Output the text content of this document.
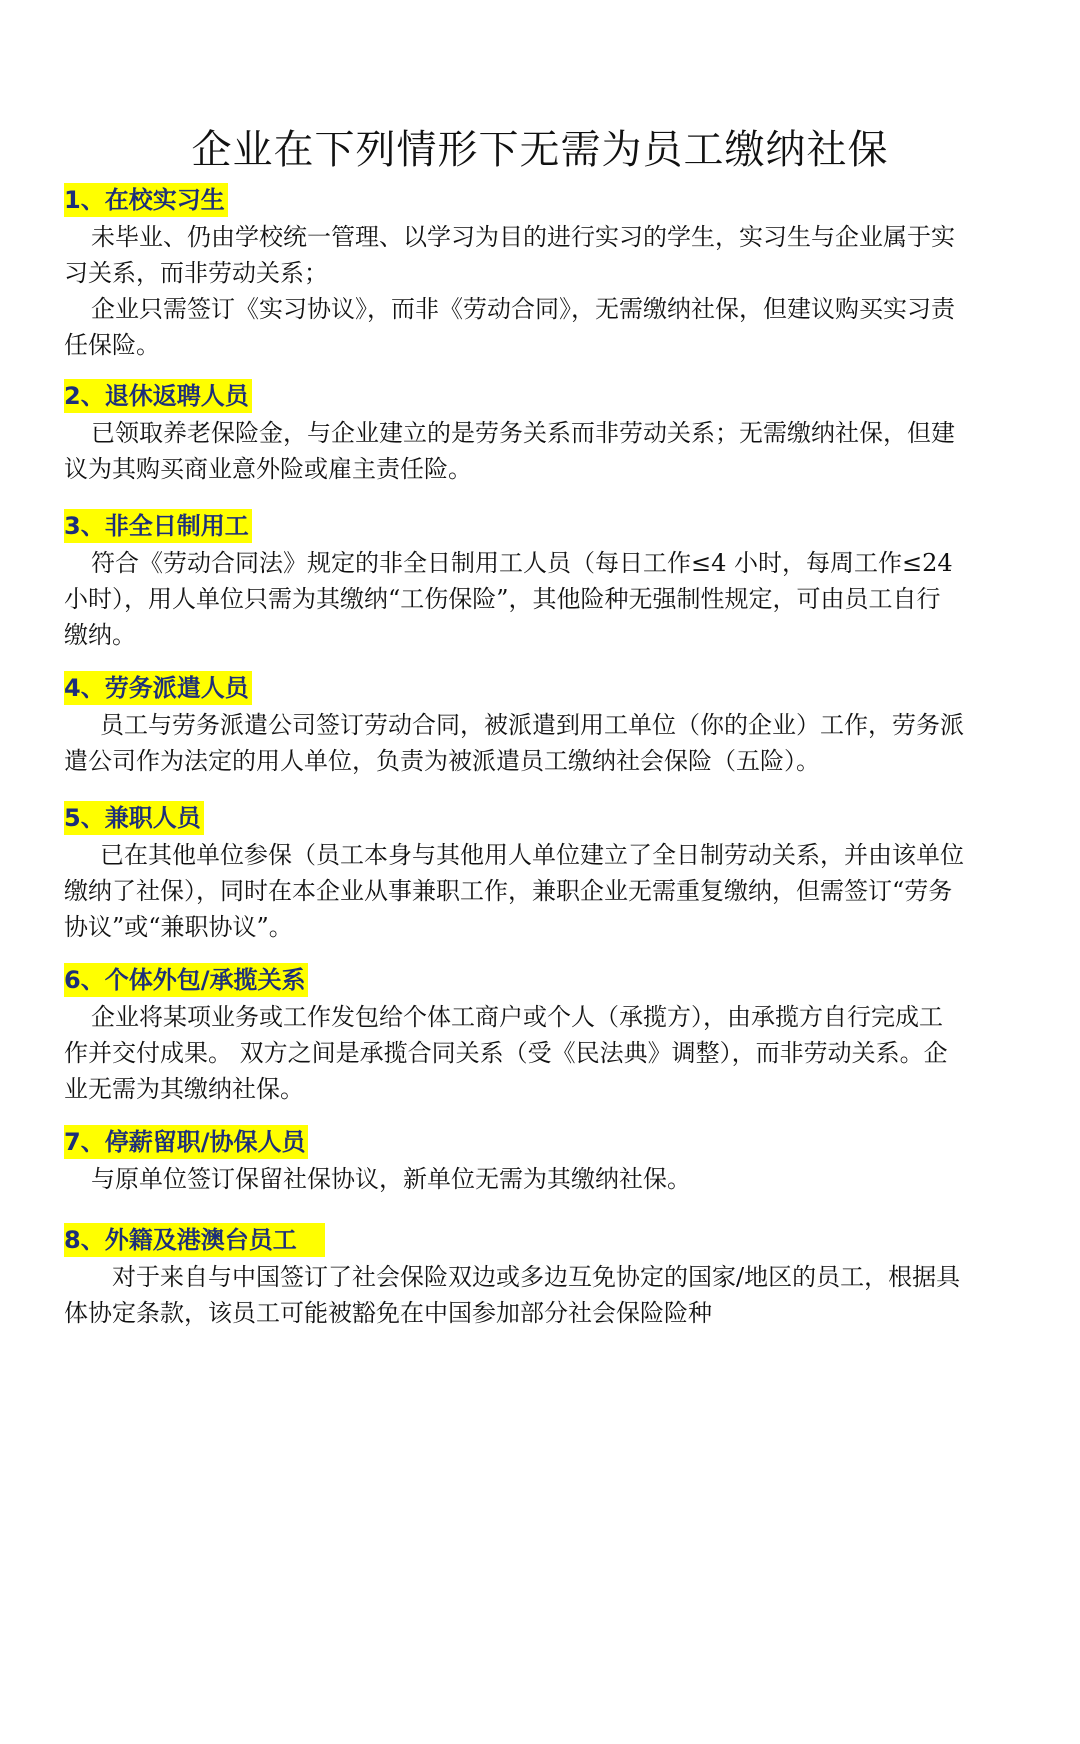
企业在下列情形下无需为员工缴纳社保
1、在校实习生

未毕业、仍由学校统一管理、以学习为目的进行实习的学生，实习生与企业属于实习关系，而非劳动关系；

企业只需签订《实习协议》，而非《劳动合同》，无需缴纳社保，但建议购买实习责任保险。

2、退休返聘人员

已领取养老保险金，与企业建立的是劳务关系而非劳动关系；无需缴纳社保，但建议为其购买商业意外险或雇主责任险。

3、非全日制用工

符合《劳动合同法》规定的非全日制用工人员（每日工作≤4 小时，每周工作≤24 小时），用人单位只需为其缴纳“工伤保险”，其他险种无强制性规定，可由员工自行缴纳。

4、劳务派遣人员

员工与劳务派遣公司签订劳动合同，被派遣到用工单位（你的企业）工作，劳务派遣公司作为法定的用人单位，负责为被派遣员工缴纳社会保险（五险）。

5、兼职人员

已在其他单位参保（员工本身与其他用人单位建立了全日制劳动关系，并由该单位缴纳了社保），同时在本企业从事兼职工作，兼职企业无需重复缴纳，但需签订“劳务协议”或“兼职协议”。

6、个体外包/承揽关系

企业将某项业务或工作发包给个体工商户或个人（承揽方），由承揽方自行完成工作并交付成果。 双方之间是承揽合同关系（受《民法典》调整），而非劳动关系。企业无需为其缴纳社保。

7、停薪留职/协保人员

与原单位签订保留社保协议，新单位无需为其缴纳社保。

8、外籍及港澳台员工

对于来自与中国签订了社会保险双边或多边互免协定的国家/地区的员工，根据具体协定条款，该员工可能被豁免在中国参加部分社会保险险种
